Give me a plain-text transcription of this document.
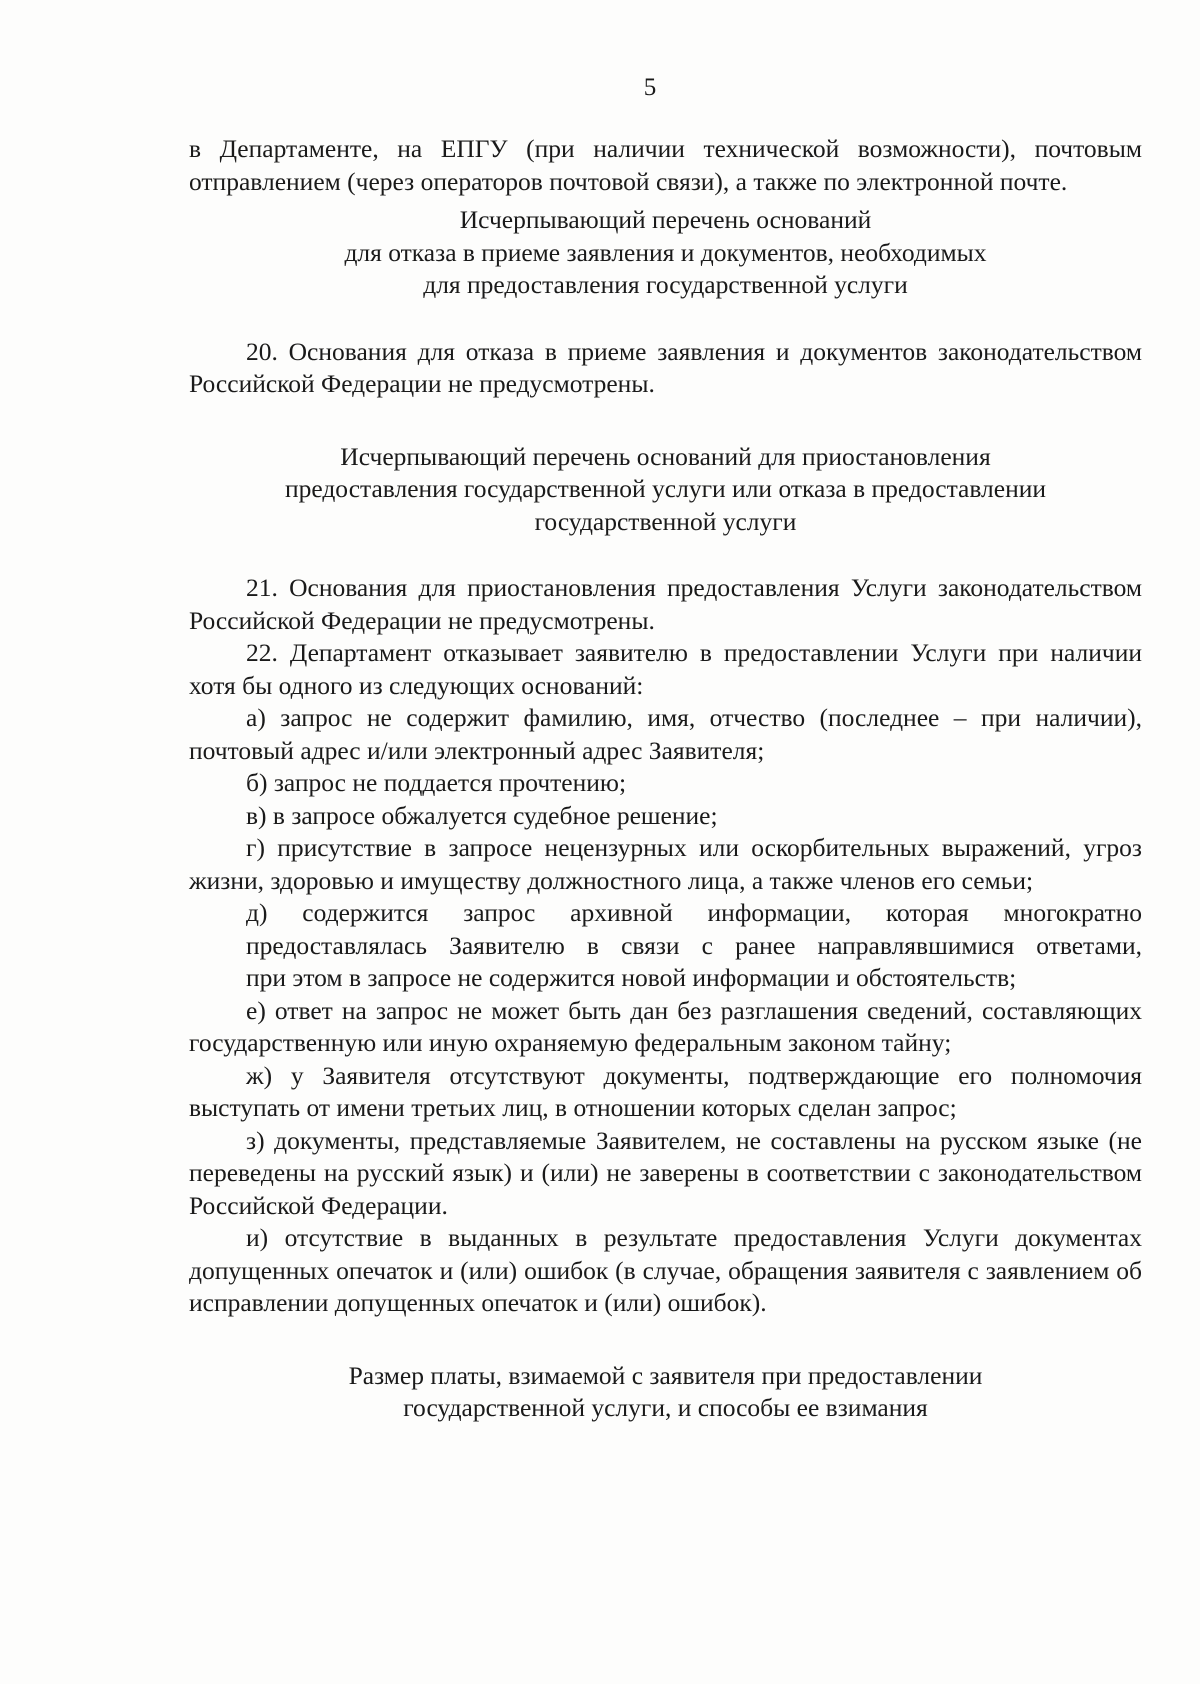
5

в Департаменте, на ЕПГУ (при наличии технической возможности), почтовым отправлением (через операторов почтовой связи), а также по электронной почте.

Исчерпывающий перечень оснований
для отказа в приеме заявления и документов, необходимых
для предоставления государственной услуги

20. Основания для отказа в приеме заявления и документов законодательством Российской Федерации не предусмотрены.

Исчерпывающий перечень оснований для приостановления
предоставления государственной услуги или отказа в предоставлении
государственной услуги

21. Основания для приостановления предоставления Услуги законодательством Российской Федерации не предусмотрены.

22. Департамент отказывает заявителю в предоставлении Услуги при наличии хотя бы одного из следующих оснований:

а) запрос не содержит фамилию, имя, отчество (последнее – при наличии), почтовый адрес и/или электронный адрес Заявителя;

б) запрос не поддается прочтению;

в) в запросе обжалуется судебное решение;

г) присутствие в запросе нецензурных или оскорбительных выражений, угроз жизни, здоровью и имуществу должностного лица, а также членов его семьи;

д) содержится запрос архивной информации, которая многократно

предоставлялась Заявителю в связи с ранее направлявшимися ответами,

при этом в запросе не содержится новой информации и обстоятельств;

е) ответ на запрос не может быть дан без разглашения сведений, составляющих государственную или иную охраняемую федеральным законом тайну;

ж) у Заявителя отсутствуют документы, подтверждающие его полномочия выступать от имени третьих лиц, в отношении которых сделан запрос;

з) документы, представляемые Заявителем, не составлены на русском языке (не переведены на русский язык) и (или) не заверены в соответствии с законодательством Российской Федерации.

и) отсутствие в выданных в результате предоставления Услуги документах допущенных опечаток и (или) ошибок (в случае, обращения заявителя с заявлением об исправлении допущенных опечаток и (или) ошибок).

Размер платы, взимаемой с заявителя при предоставлении
государственной услуги, и способы ее взимания
